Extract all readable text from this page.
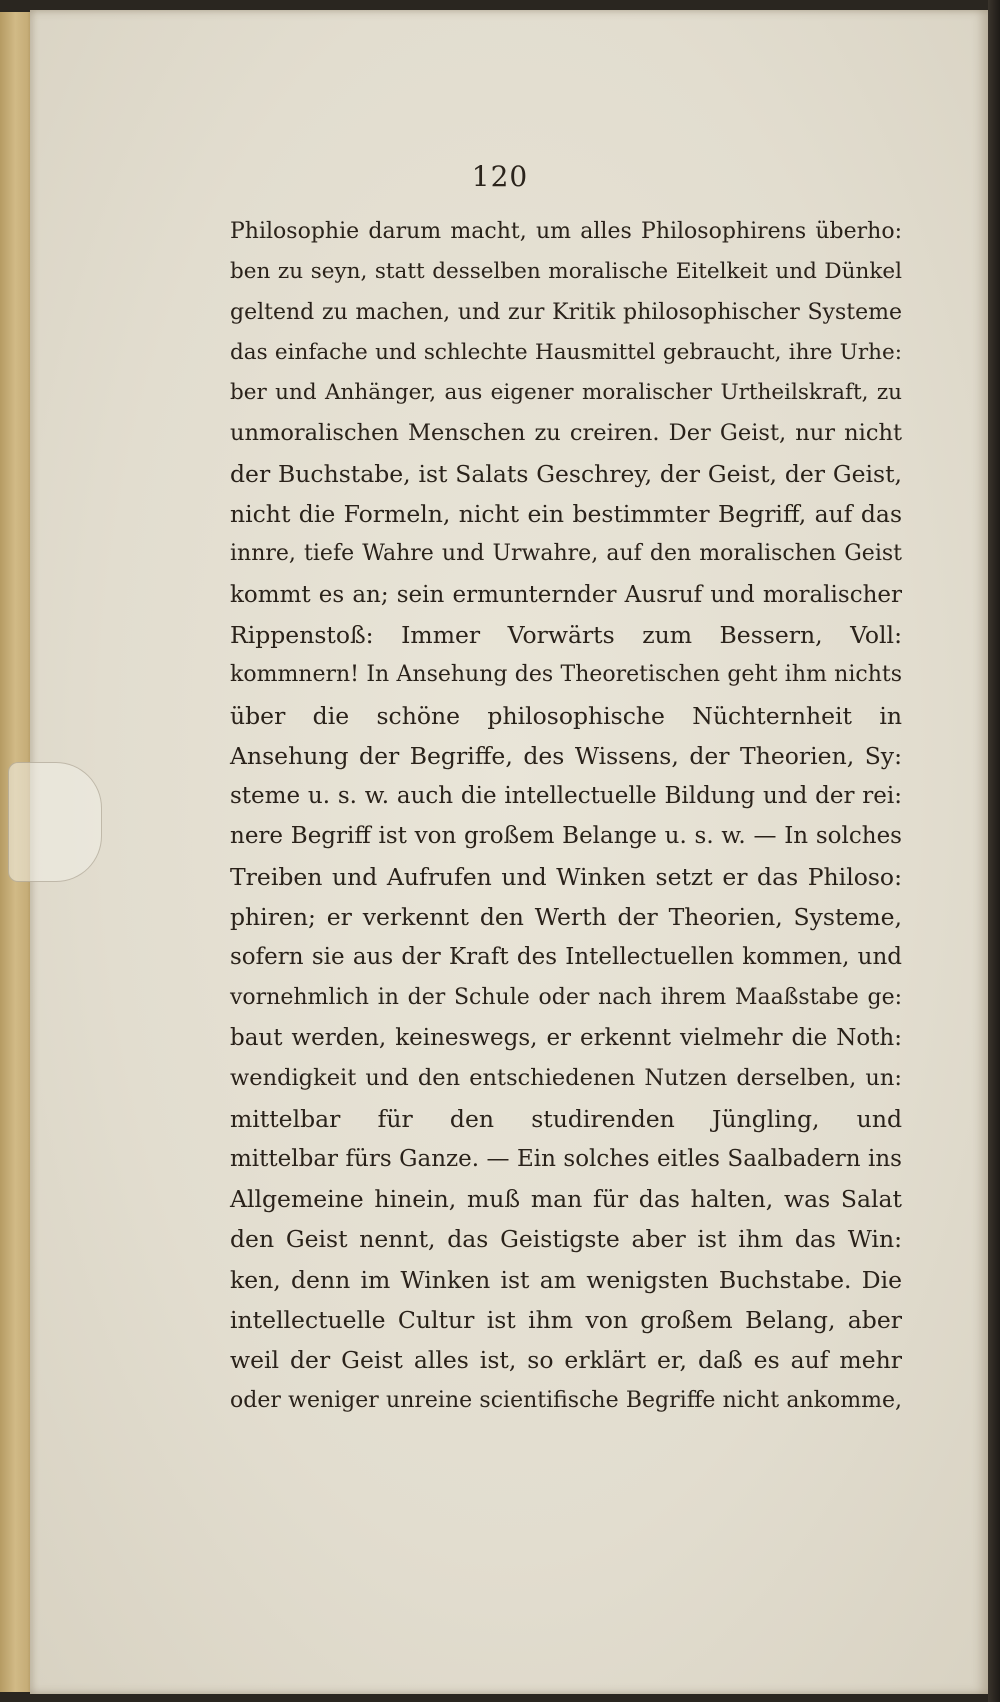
120
Philosophie darum macht, um alles Philosophirens überho:
ben zu seyn, statt desselben moralische Eitelkeit und Dünkel
geltend zu machen, und zur Kritik philosophischer Systeme
das einfache und schlechte Hausmittel gebraucht, ihre Urhe:
ber und Anhänger, aus eigener moralischer Urtheilskraft, zu
unmoralischen Menschen zu creiren. Der Geist, nur nicht
der Buchstabe, ist Salats Geschrey, der Geist, der Geist,
nicht die Formeln, nicht ein bestimmter Begriff, auf das
innre, tiefe Wahre und Urwahre, auf den moralischen Geist
kommt es an; sein ermunternder Ausruf und moralischer
Rippenstoß: Immer Vorwärts zum Bessern, Voll:
kommnern! In Ansehung des Theoretischen geht ihm nichts
über die schöne philosophische Nüchternheit in
Ansehung der Begriffe, des Wissens, der Theorien, Sy:
steme u. s. w. auch die intellectuelle Bildung und der rei:
nere Begriff ist von großem Belange u. s. w. — In solches
Treiben und Aufrufen und Winken setzt er das Philoso:
phiren; er verkennt den Werth der Theorien, Systeme,
sofern sie aus der Kraft des Intellectuellen kommen, und
vornehmlich in der Schule oder nach ihrem Maaßstabe ge:
baut werden, keineswegs, er erkennt vielmehr die Noth:
wendigkeit und den entschiedenen Nutzen derselben, un:
mittelbar für den studirenden Jüngling, und
mittelbar fürs Ganze. — Ein solches eitles Saalbadern ins
Allgemeine hinein, muß man für das halten, was Salat
den Geist nennt, das Geistigste aber ist ihm das Win:
ken, denn im Winken ist am wenigsten Buchstabe. Die
intellectuelle Cultur ist ihm von großem Belang, aber
weil der Geist alles ist, so erklärt er, daß es auf mehr
oder weniger unreine scientifische Begriffe nicht ankomme,
